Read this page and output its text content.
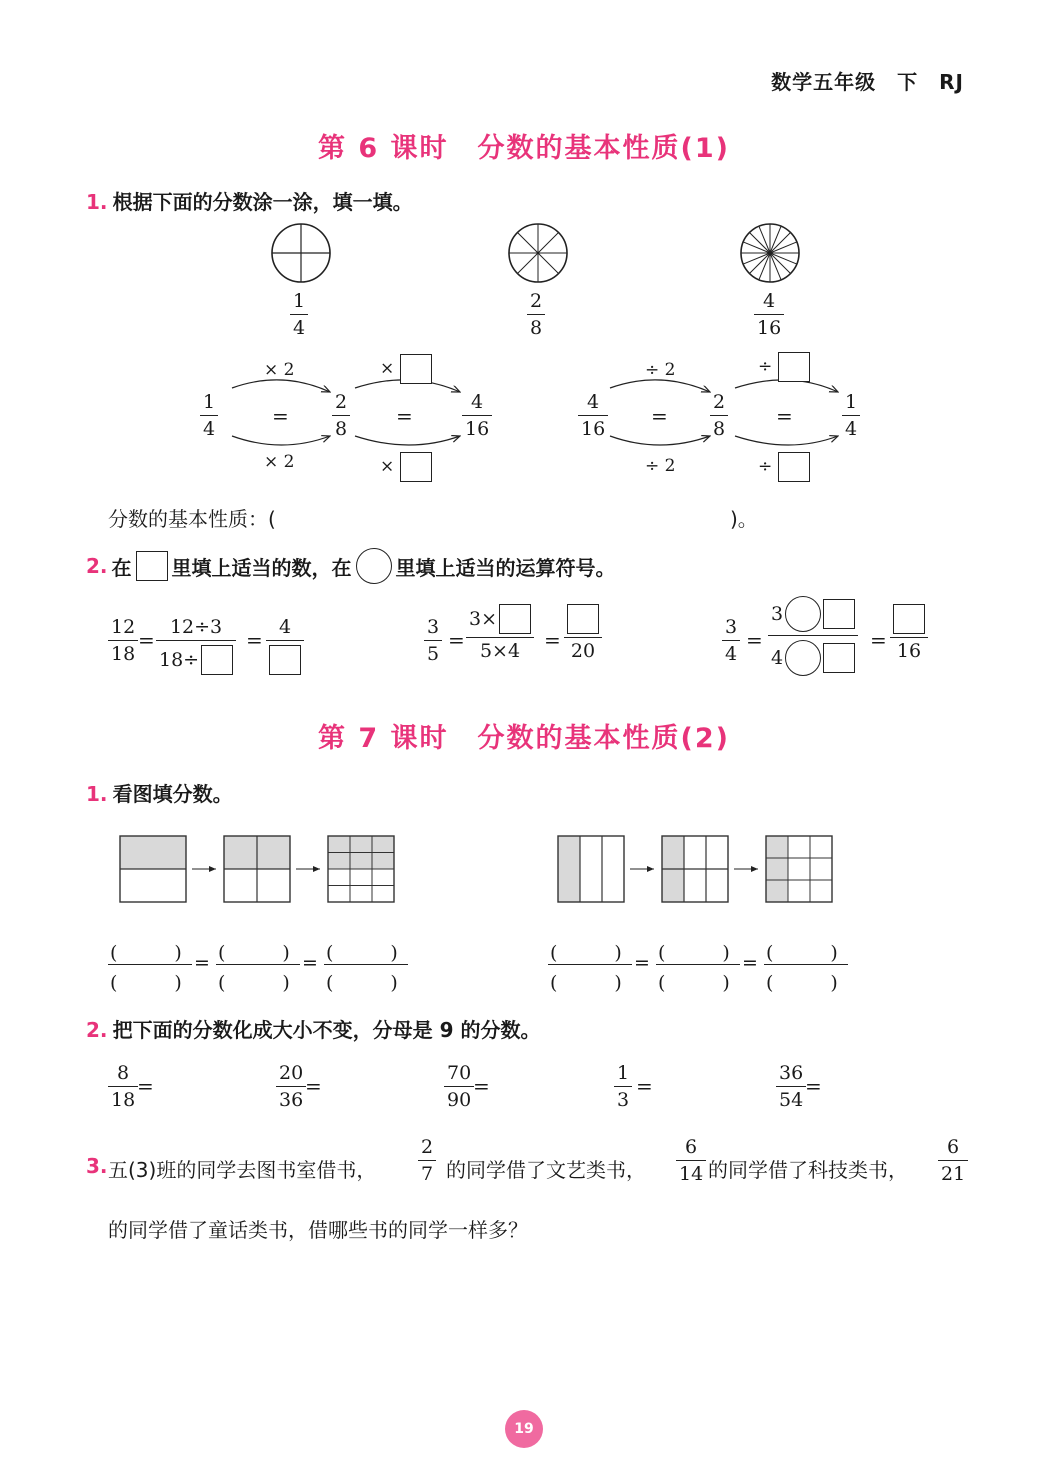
数学五年级　下　RJ
第 6 课时　分数的基本性质(1)
1. 根据下面的分数涂一涂，填一填。
1
4
2
8
4
16
× 2	×
× 2	×
1
4
=
2
8
=
4
16
÷ 2	÷
÷ 2	÷
4
16
=
2
8
=
1
4
分数的基本性质：(	)。
2. 在 里填上适当的数，在 里填上适当的运算符号。
12
18
=
12÷3
18÷
=
4	3
5
=
3×
5×4 = 20
3
4
=
3
4
= 16
第 7 课时　分数的基本性质(2)
1. 看图填分数。
(　　　)
(　　　)
= (　　　)
(　　　)
= (　　　)
(　　　)
(　　　)
(　　　)
= (　　　)
(　　　)
= (　　　)
(　　　)
2. 把下面的分数化成大小不变，分母是 9 的分数。
8
18
=
20
36
=
70
90
=
1
3
=
36
54
=
3. 五(3)班的同学去图书室借书，
2
7 的同学借了文艺类书，
6
14 的同学借了科技类书，
6
21
的同学借了童话类书，借哪些书的同学一样多？
19
